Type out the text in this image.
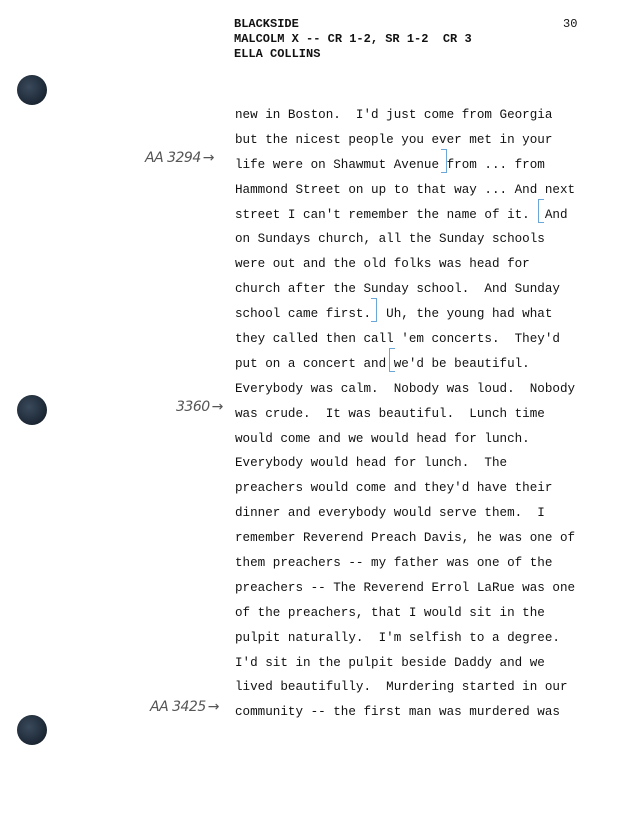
BLACKSIDE
MALCOLM X -- CR 1-2, SR 1-2  CR 3
ELLA COLLINS
30
new in Boston.  I'd just come from Georgia
but the nicest people you ever met in your
life were on Shawmut Avenue from ... from
Hammond Street on up to that way ... And next
street I can't remember the name of it.  And
on Sundays church, all the Sunday schools
were out and the old folks was head for
church after the Sunday school.  And Sunday
school came first.  Uh, the young had what
they called then call 'em concerts.  They'd
put on a concert and we'd be beautiful.
Everybody was calm.  Nobody was loud.  Nobody
was crude.  It was beautiful.  Lunch time
would come and we would head for lunch.
Everybody would head for lunch.  The
preachers would come and they'd have their
dinner and everybody would serve them.  I
remember Reverend Preach Davis, he was one of
them preachers -- my father was one of the
preachers -- The Reverend Errol LaRue was one
of the preachers, that I would sit in the
pulpit naturally.  I'm selfish to a degree.
I'd sit in the pulpit beside Daddy and we
lived beautifully.  Murdering started in our
community -- the first man was murdered was
AA 3294 →
3360 →
AA 3425 →
